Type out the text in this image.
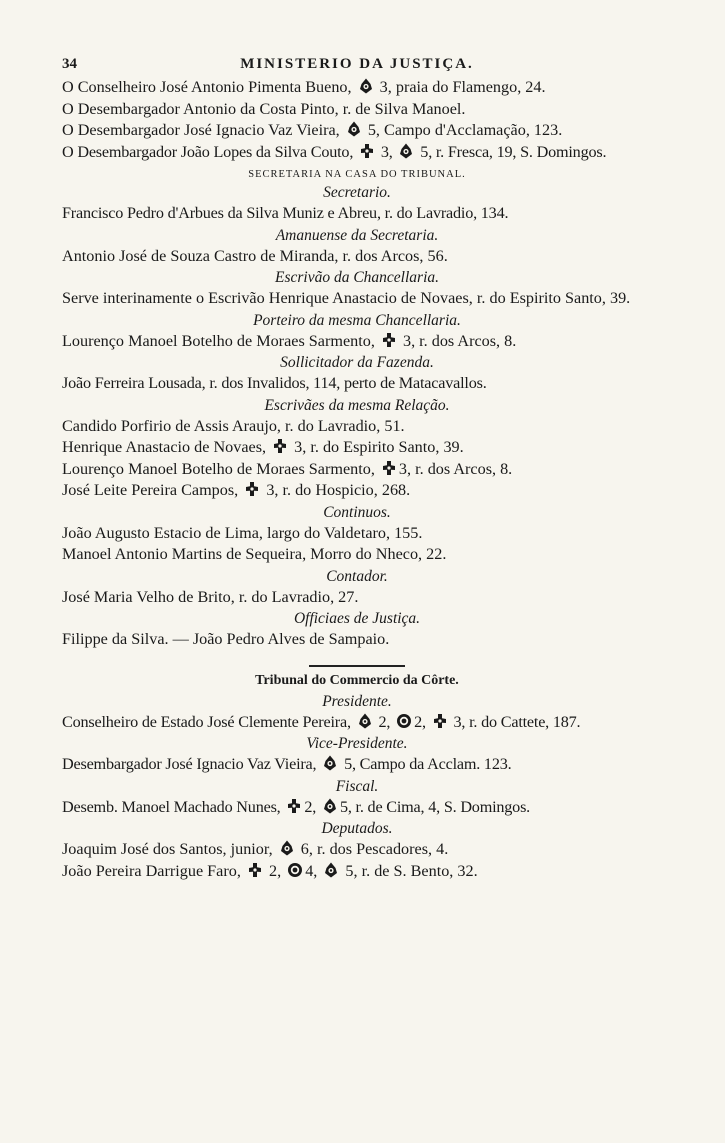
34	MINISTERIO DA JUSTIÇA.
O Conselheiro José Antonio Pimenta Bueno,  3, praia do Flamengo, 24.
O Desembargador Antonio da Costa Pinto, r. de Silva Manoel.
O Desembargador José Ignacio Vaz Vieira,  5, Campo d'Acclamação, 123.
O Desembargador João Lopes da Silva Couto,  3,  5, r. Fresca, 19, S. Domingos.
SECRETARIA NA CASA DO TRIBUNAL.
Secretario.
Francisco Pedro d'Arbues da Silva Muniz e Abreu, r. do Lavradio, 134.
Amanuense da Secretaria.
Antonio José de Souza Castro de Miranda, r. dos Arcos, 56.
Escrivão da Chancellaria.
Serve interinamente o Escrivão Henrique Anastacio de Novaes, r. do Espirito Santo, 39.
Porteiro da mesma Chancellaria.
Lourenço Manoel Botelho de Moraes Sarmento,  3, r. dos Arcos, 8.
Sollicitador da Fazenda.
João Ferreira Lousada, r. dos Invalidos, 114, perto de Matacavallos.
Escrivães da mesma Relação.
Candido Porfirio de Assis Araujo, r. do Lavradio, 51.
Henrique Anastacio de Novaes,  3, r. do Espirito Santo, 39.
Lourenço Manoel Botelho de Moraes Sarmento, 3, r. dos Arcos, 8.
José Leite Pereira Campos,  3, r. do Hospicio, 268.
Continuos.
João Augusto Estacio de Lima, largo do Valdetaro, 155.
Manoel Antonio Martins de Sequeira, Morro do Nheco, 22.
Contador.
José Maria Velho de Brito, r. do Lavradio, 27.
Officiaes de Justiça.
Filippe da Silva. — João Pedro Alves de Sampaio.
Tribunal do Commercio da Côrte.
Presidente.
Conselheiro de Estado José Clemente Pereira,  2, 2,  3, r. do Cattete, 187.
Vice-Presidente.
Desembargador José Ignacio Vaz Vieira,  5, Campo da Acclam. 123.
Fiscal.
Desemb. Manoel Machado Nunes, 2, 5, r. de Cima, 4, S. Domingos.
Deputados.
Joaquim José dos Santos, junior,  6, r. dos Pescadores, 4.
João Pereira Darrigue Faro,  2, 4,  5, r. de S. Bento, 32.
